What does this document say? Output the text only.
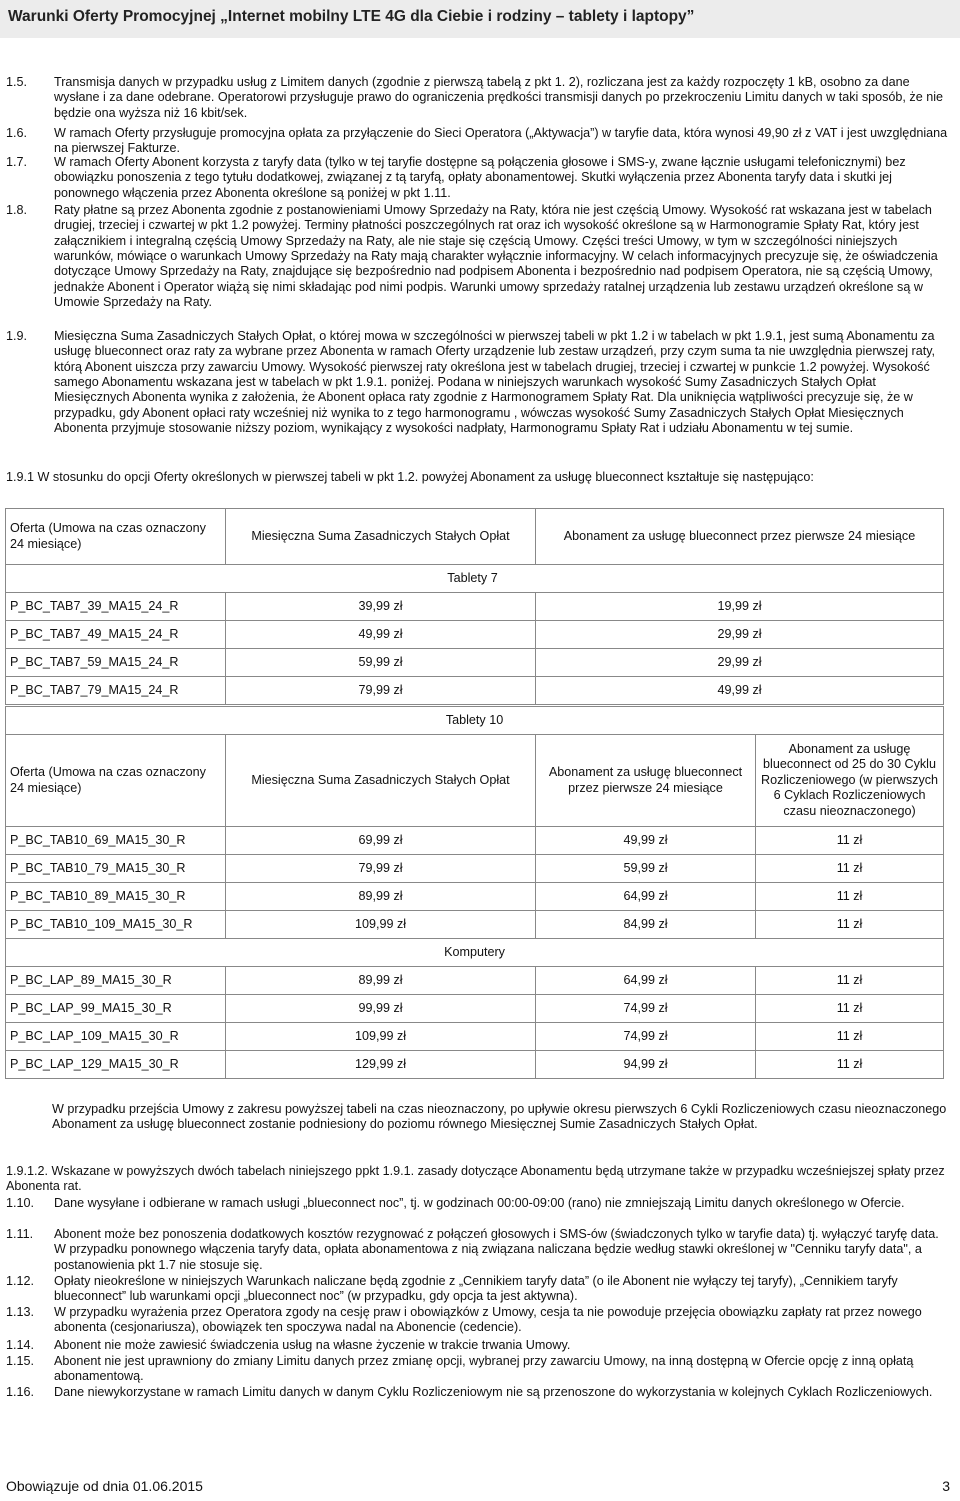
Warunki Oferty Promocyjnej „Internet mobilny LTE 4G dla Ciebie i rodziny – tablety i laptopy”
1.5. Transmisja danych w przypadku usług z Limitem danych (zgodnie z pierwszą tabelą z pkt 1. 2), rozliczana jest za każdy rozpoczęty 1 kB, osobno za dane wysłane i za dane odebrane. Operatorowi przysługuje prawo do ograniczenia prędkości transmisji danych po przekroczeniu Limitu danych w taki sposób, że nie będzie ona wyższa niż 16 kbit/sek.
1.6. W ramach Oferty przysługuje promocyjna opłata za przyłączenie do Sieci Operatora („Aktywacja”) w taryfie data, która wynosi 49,90 zł z VAT i jest uwzględniana na pierwszej Fakturze.
1.7. W ramach Oferty Abonent korzysta z taryfy data (tylko w tej taryfie dostępne są połączenia głosowe i SMS-y, zwane łącznie usługami telefonicznymi) bez obowiązku ponoszenia z tego tytułu dodatkowej, związanej z tą taryfą, opłaty abonamentowej. Skutki wyłączenia przez Abonenta taryfy data i skutki jej ponownego włączenia przez Abonenta określone są poniżej w pkt 1.11.
1.8. Raty płatne są przez Abonenta zgodnie z postanowieniami Umowy Sprzedaży na Raty, która nie jest częścią Umowy. Wysokość rat wskazana jest w tabelach drugiej, trzeciej i czwartej w pkt 1.2 powyżej. Terminy płatności poszczególnych rat oraz ich wysokość określone są w Harmonogramie Spłaty Rat, który jest załącznikiem i integralną częścią Umowy Sprzedaży na Raty, ale nie staje się częścią Umowy. Części treści Umowy, w tym w szczególności niniejszych warunków, mówiące o warunkach Umowy Sprzedaży na Raty mają charakter wyłącznie informacyjny. W celach informacyjnych precyzuje się, że oświadczenia dotyczące Umowy Sprzedaży na Raty, znajdujące się bezpośrednio nad podpisem Abonenta i bezpośrednio nad podpisem Operatora, nie są częścią Umowy, jednakże Abonent i Operator wiążą się nimi składając pod nimi podpis. Warunki umowy sprzedaży ratalnej urządzenia lub zestawu urządzeń określone są w Umowie Sprzedaży na Raty.
1.9. Miesięczna Suma Zasadniczych Stałych Opłat, o której mowa w szczególności w pierwszej tabeli w pkt 1.2 i w tabelach w pkt 1.9.1, jest sumą Abonamentu za usługę blueconnect oraz raty za wybrane przez Abonenta w ramach Oferty urządzenie lub zestaw urządzeń, przy czym suma ta nie uwzględnia pierwszej raty, którą Abonent uiszcza przy zawarciu Umowy. Wysokość pierwszej raty określona jest w tabelach drugiej, trzeciej i czwartej w punkcie 1.2 powyżej. Wysokość samego Abonamentu wskazana jest w tabelach w pkt 1.9.1. poniżej. Podana w niniejszych warunkach wysokość Sumy Zasadniczych Stałych Opłat Miesięcznych Abonenta wynika z założenia, że Abonent opłaca raty zgodnie z Harmonogramem Spłaty Rat. Dla uniknięcia wątpliwości precyzuje się, że w przypadku, gdy Abonent opłaci raty wcześniej niż wynika to z tego harmonogramu , wówczas wysokość Sumy Zasadniczych Stałych Opłat Miesięcznych Abonenta przyjmuje stosowanie niższy poziom, wynikający z wysokości nadpłaty, Harmonogramu Spłaty Rat i udziału Abonamentu w tej sumie.
1.9.1 W stosunku do opcji Oferty określonych w pierwszej tabeli w pkt 1.2. powyżej Abonament za usługę blueconnect kształtuje się następująco:
Oferta (Umowa na czas oznaczony 24 miesiące)	Miesięczna Suma Zasadniczych Stałych Opłat	Abonament za usługę blueconnect przez pierwsze 24 miesiące
Tablety 7		
P_BC_TAB7_39_MA15_24_R	39,99 zł	19,99 zł
P_BC_TAB7_49_MA15_24_R	49,99 zł	29,99 zł
P_BC_TAB7_59_MA15_24_R	59,99 zł	29,99 zł
P_BC_TAB7_79_MA15_24_R	79,99 zł	49,99 zł
Tablety 10			
Oferta (Umowa na czas oznaczony 24 miesiące)	Miesięczna Suma Zasadniczych Stałych Opłat	Abonament za usługę blueconnect przez pierwsze 24 miesiące	Abonament za usługę blueconnect od 25 do 30 Cyklu Rozliczeniowego (w pierwszych 6 Cyklach Rozliczeniowych czasu nieoznaczonego)
P_BC_TAB10_69_MA15_30_R	69,99 zł	49,99 zł	11 zł
P_BC_TAB10_79_MA15_30_R	79,99 zł	59,99 zł	11 zł
P_BC_TAB10_89_MA15_30_R	89,99 zł	64,99 zł	11 zł
P_BC_TAB10_109_MA15_30_R	109,99 zł	84,99 zł	11 zł
Komputery			
P_BC_LAP_89_MA15_30_R	89,99 zł	64,99 zł	11 zł
P_BC_LAP_99_MA15_30_R	99,99 zł	74,99 zł	11 zł
P_BC_LAP_109_MA15_30_R	109,99 zł	74,99 zł	11 zł
P_BC_LAP_129_MA15_30_R	129,99 zł	94,99 zł	11 zł
W przypadku przejścia Umowy z zakresu powyższej tabeli na czas nieoznaczony, po upływie okresu pierwszych 6 Cykli Rozliczeniowych czasu nieoznaczonego Abonament za usługę blueconnect zostanie podniesiony do poziomu równego Miesięcznej Sumie Zasadniczych Stałych Opłat.
1.9.1.2. Wskazane w powyższych dwóch tabelach niniejszego ppkt 1.9.1. zasady dotyczące Abonamentu będą utrzymane także w przypadku wcześniejszej spłaty przez Abonenta rat.
1.10. Dane wysyłane i odbierane w ramach usługi „blueconnect noc”, tj. w godzinach 00:00-09:00 (rano) nie zmniejszają Limitu danych określonego w Ofercie.
1.11. Abonent może bez ponoszenia dodatkowych kosztów rezygnować z połączeń głosowych i SMS-ów (świadczonych tylko w taryfie data) tj. wyłączyć taryfę data. W przypadku ponownego włączenia taryfy data, opłata abonamentowa z nią związana naliczana będzie według stawki określonej w "Cenniku taryfy data", a postanowienia pkt 1.7 nie stosuje się.
1.12. Opłaty nieokreślone w niniejszych Warunkach naliczane będą zgodnie z „Cennikiem taryfy data” (o ile Abonent nie wyłączy tej taryfy), „Cennikiem taryfy blueconnect” lub warunkami opcji „blueconnect noc” (w przypadku, gdy opcja ta jest aktywna).
1.13. W przypadku wyrażenia przez Operatora zgody na cesję praw i obowiązków z Umowy, cesja ta nie powoduje przejęcia obowiązku zapłaty rat przez nowego abonenta (cesjonariusza), obowiązek ten spoczywa nadal na Abonencie (cedencie).
1.14. Abonent nie może zawiesić świadczenia usług na własne życzenie w trakcie trwania Umowy.
1.15. Abonent nie jest uprawniony do zmiany Limitu danych przez zmianę opcji, wybranej przy zawarciu Umowy, na inną dostępną w Ofercie opcję z inną opłatą abonamentową.
1.16. Dane niewykorzystane w ramach Limitu danych w danym Cyklu Rozliczeniowym nie są przenoszone do wykorzystania w kolejnych Cyklach Rozliczeniowych.
Obowiązuje od dnia 01.06.2015	3
